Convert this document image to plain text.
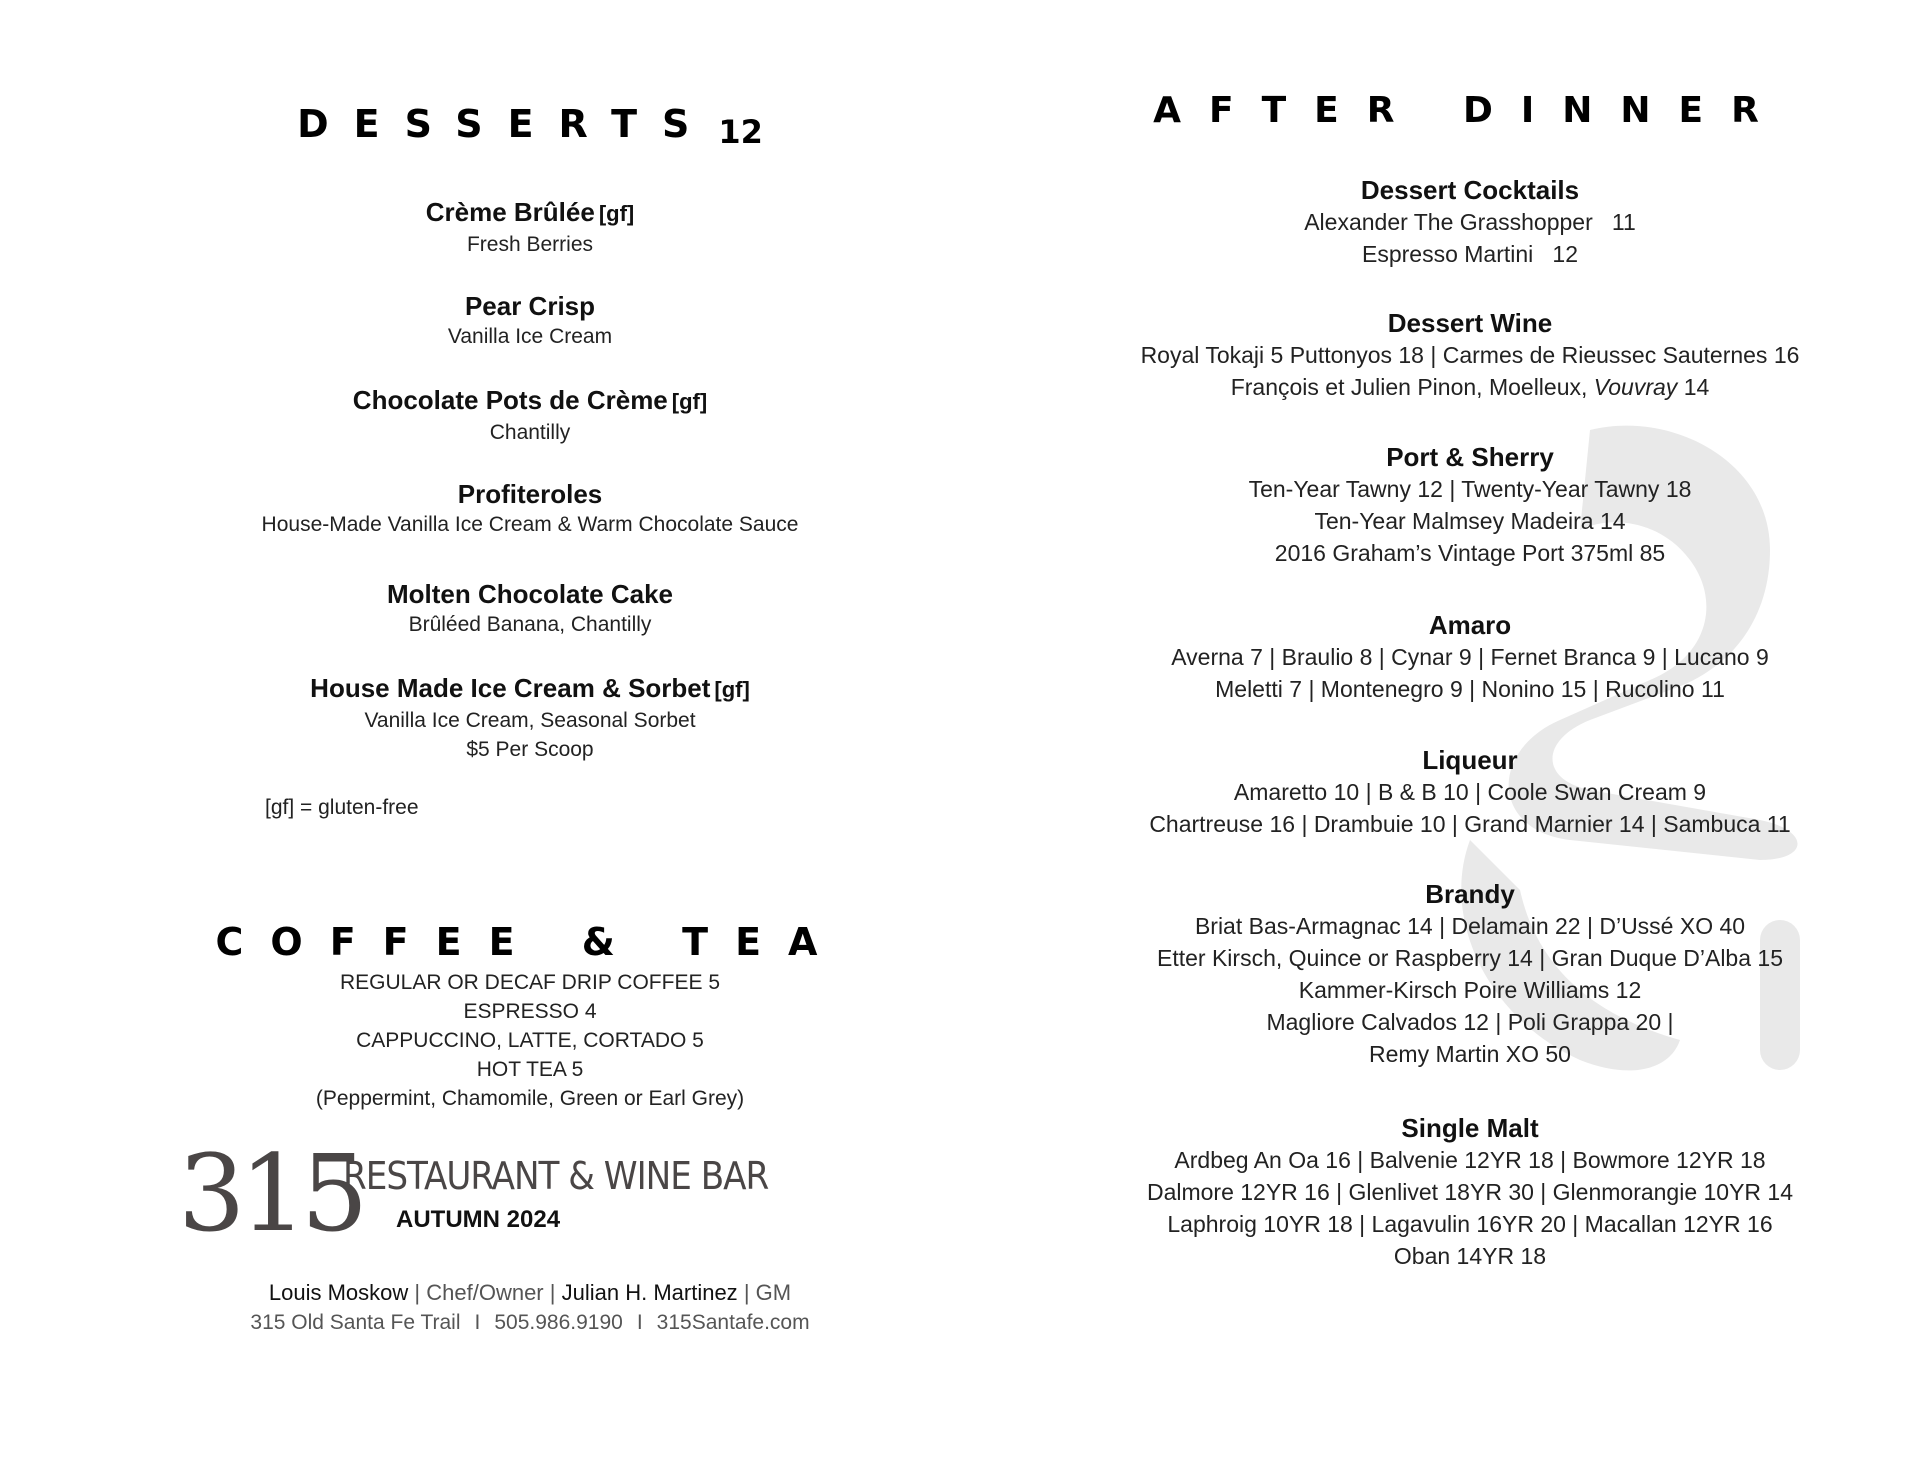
DESSERTS 12
Crème Brûlée [gf]
Fresh Berries
Pear Crisp
Vanilla Ice Cream
Chocolate Pots de Crème [gf]
Chantilly
Profiteroles
House-Made Vanilla Ice Cream & Warm Chocolate Sauce
Molten Chocolate Cake
Brûléed Banana, Chantilly
House Made Ice Cream & Sorbet [gf]
Vanilla Ice Cream, Seasonal Sorbet
$5 Per Scoop
[gf] = gluten-free
COFFEE & TEA
REGULAR OR DECAF DRIP COFFEE 5
ESPRESSO 4
CAPPUCCINO, LATTE, CORTADO 5
HOT TEA 5
(Peppermint, Chamomile, Green or Earl Grey)
Louis Moskow | Chef/Owner | Julian H. Martinez | GM
315 Old Santa Fe Trail I 505.986.9190 I 315Santafe.com
315
RESTAURANT & WINE BAR
AUTUMN 2024
AFTER DINNER
Dessert Cocktails
Alexander The Grasshopper   11
Espresso Martini   12
Dessert Wine
Royal Tokaji 5 Puttonyos 18 | Carmes de Rieussec Sauternes 16
François et Julien Pinon, Moelleux, Vouvray 14
Port & Sherry
Ten-Year Tawny 12 | Twenty-Year Tawny 18
Ten-Year Malmsey Madeira 14
2016 Graham’s Vintage Port 375ml 85
Amaro
Averna 7 | Braulio 8 | Cynar 9 | Fernet Branca 9 | Lucano 9
Meletti 7 | Montenegro 9 | Nonino 15 | Rucolino 11
Liqueur
Amaretto 10 | B & B 10 | Coole Swan Cream 9
Chartreuse 16 | Drambuie 10 | Grand Marnier 14 | Sambuca 11
Brandy
Briat Bas-Armagnac 14 | Delamain 22 | D’Ussé XO 40
Etter Kirsch, Quince or Raspberry 14 | Gran Duque D’Alba 15
Kammer-Kirsch Poire Williams 12
Magliore Calvados 12 | Poli Grappa 20 |
Remy Martin XO 50
Single Malt
Ardbeg An Oa 16 | Balvenie 12YR 18 | Bowmore 12YR 18
Dalmore 12YR 16 | Glenlivet 18YR 30 | Glenmorangie 10YR 14
Laphroig 10YR 18 | Lagavulin 16YR 20 | Macallan 12YR 16
Oban 14YR 18
